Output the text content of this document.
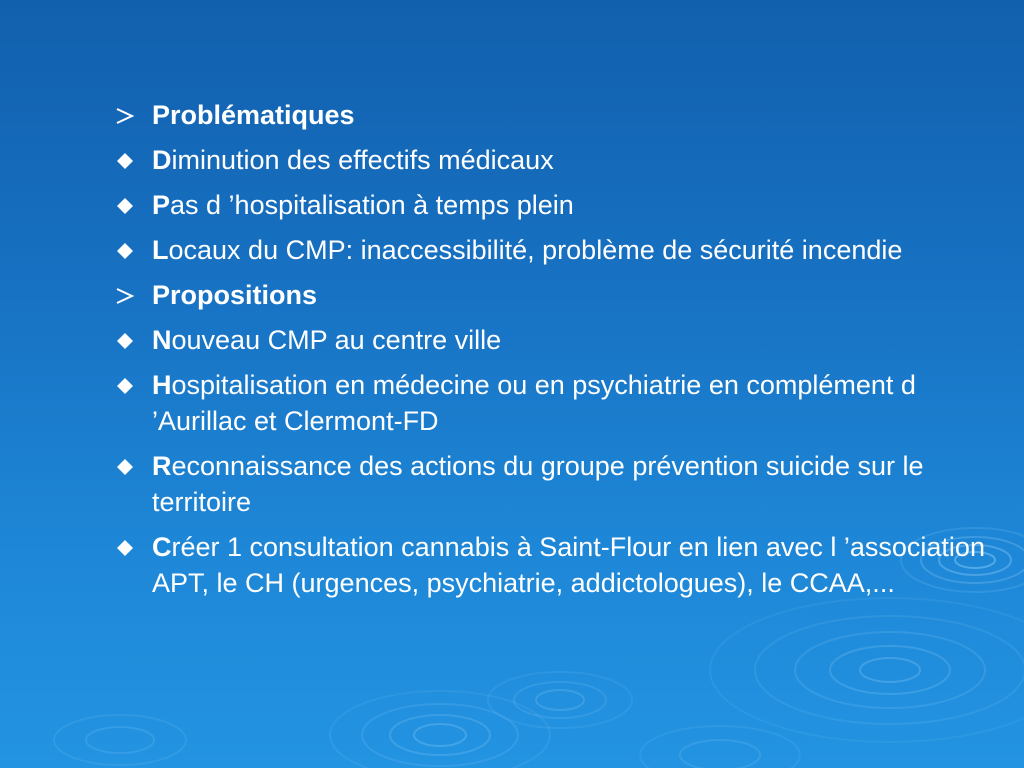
Problématiques
Diminution des effectifs médicaux
Pas d ’hospitalisation à temps plein
Locaux du CMP: inaccessibilité, problème de sécurité incendie
Propositions
Nouveau CMP au centre ville
Hospitalisation en médecine ou en psychiatrie en complément d ’Aurillac et Clermont-FD
Reconnaissance des actions du groupe prévention suicide sur le territoire
Créer 1 consultation cannabis à Saint-Flour en lien avec l ’association APT, le CH (urgences, psychiatrie, addictologues), le CCAA,...
